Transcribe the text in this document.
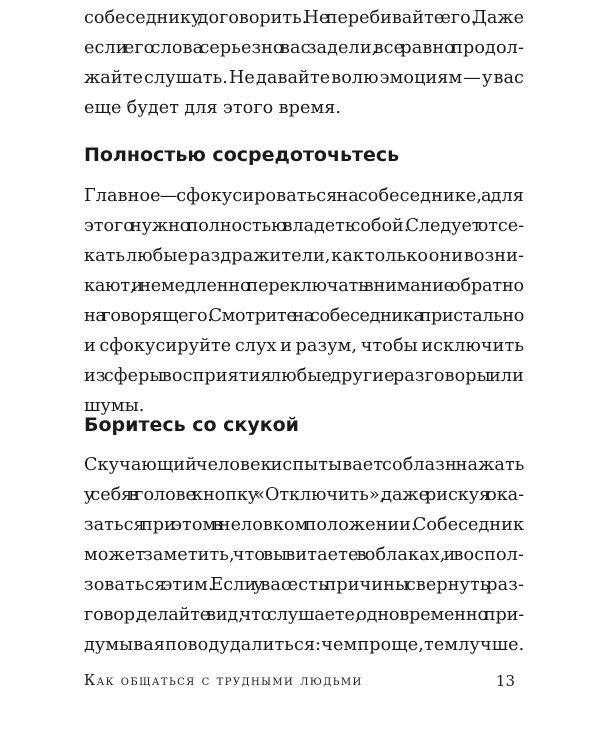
собеседнику договорить. Не перебивайте его. Даже
если его слова серьезно вас задели, все равно продол-
жайте слушать. Не давайте волю эмоциям — у вас
еще будет для этого время.

Полностью сосредоточьтесь

Главное — сфокусироваться на собеседнике, а для
этого нужно полностью владеть собой. Следует отсе-
кать любые раздражители, как только они возни-
кают, и немедленно переключать внимание обратно
на говорящего. Смотрите на собеседника пристально
и сфокусируйте слух и разум, чтобы исключить
из сферы восприятия любые другие разговоры или
шумы.

Боритесь со скукой

Скучающий человек испытывает соблазн нажать
у себя в голове кнопку «Отключить», даже рискуя ока-
заться при этом в неловком положении. Собеседник
может заметить, что вы витаете в облаках, и воспол-
зоваться этим. Если у вас есть причины свернуть раз-
говор, делайте вид, что слушаете, одновременно при-
думывая повод удалиться: чем проще, тем лучше.

Как общаться с трудными людьми	13
